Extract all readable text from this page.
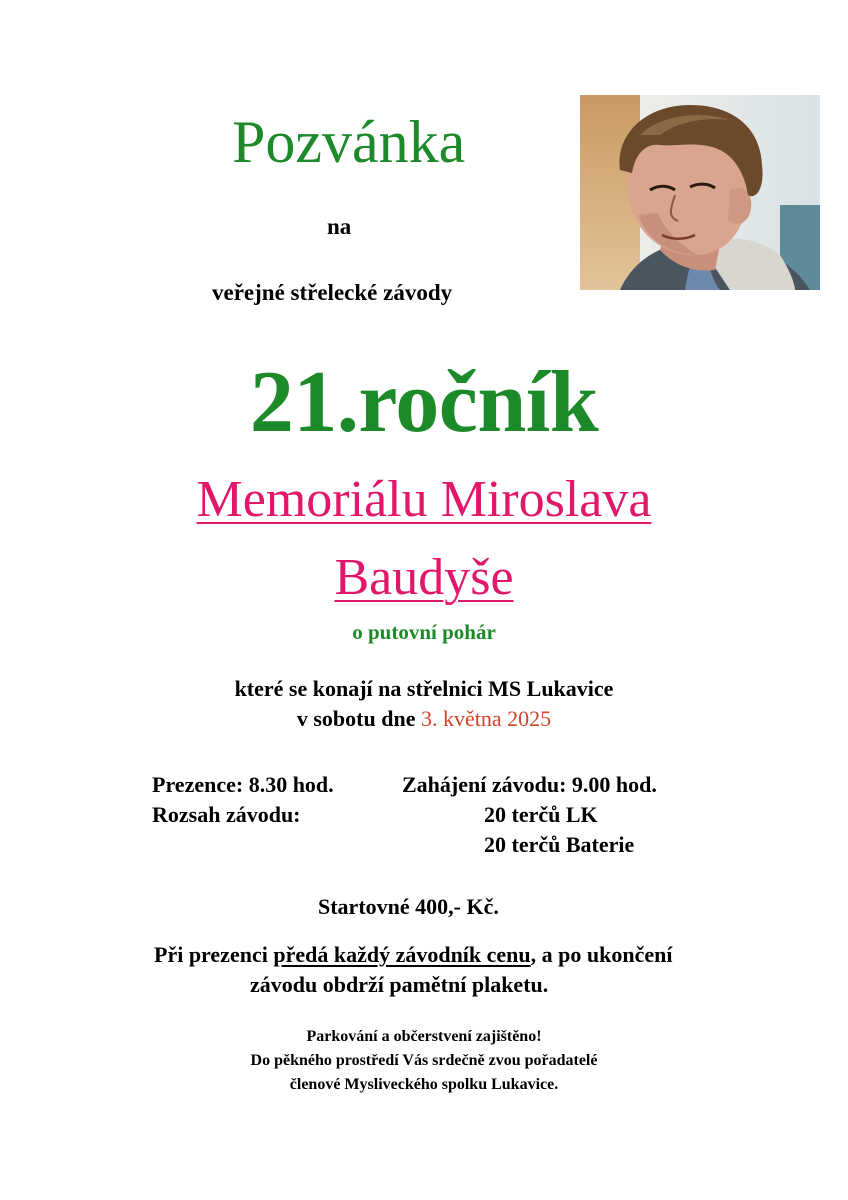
Pozvánka
na
veřejné střelecké závody
21.ročník
Memoriálu Miroslava
Baudyše
o putovní pohár
které se konají na střelnici MS Lukavice
v sobotu dne 3. května 2025
Prezence: 8.30 hod.	Zahájení závodu: 9.00 hod.
Rozsah závodu:	20 terčů LK
20 terčů Baterie
Startovné 400,- Kč.
Při prezenci předá každý závodník cenu, a po ukončení
závodu obdrží pamětní plaketu.
Parkování a občerstvení zajištěno!
Do pěkného prostředí Vás srdečně zvou pořadatelé
členové Mysliveckého spolku Lukavice.
